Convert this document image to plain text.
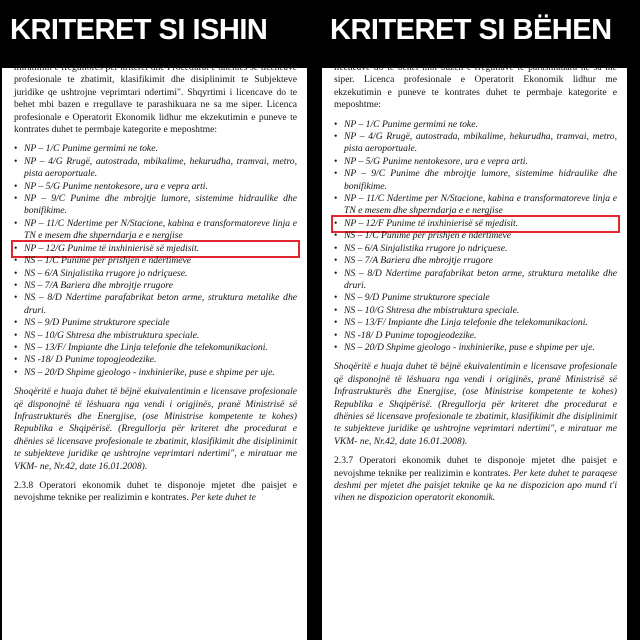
KRITERET SI ISHIN KRITERET SI BËHEN

miratimin e rregullores per kriteret dhe Procedurat e dhenies se licencave profesionale te zbatimit, klasifikimit dhe disiplinimit te Subjekteve juridike qe ushtrojne veprimtari ndertimi". Shqyrtimi i licencave do te behet mbi bazen e rregullave te parashikuara ne sa me siper. Licenca profesionale e Operatorit Ekonomik lidhur me ekzekutimin e puneve te kontrates duhet te permbaje kategorite e meposhtme:

• NP – 1/C Punime germimi ne toke.
• NP – 4/G Rrugë, autostrada, mbikalime, hekurudha, tramvai, metro, pista aeroportuale.
• NP – 5/G Punime nentokesore, ura e vepra arti.
• NP – 9/C Punime dhe mbrojtje lumore, sistemime hidraulike dhe bonifikime.
• NP – 11/C Ndertime per N/Stacione, kabina e transformatoreve linja e TN e mesem dhe shperndarja e e nergjise
• NP – 12/G Punime të inxhinierisë së mjedisit.
• NS – 1/C Punime per prishjen e ndertimeve
• NS – 6/A Sinjalistika rrugore jo ndriçuese.
• NS – 7/A Bariera dhe mbrojtje rrugore
• NS – 8/D Ndertime parafabrikat beton arme, struktura metalike dhe druri.
• NS – 9/D Punime strukturore speciale
• NS – 10/G Shtresa dhe mbistruktura speciale.
• NS – 13/F/ Impiante dhe Linja telefonie dhe telekomunikacioni.
• NS -18/ D Punime topogjeodezike.
• NS – 20/D Shpime gjeologo - inxhinierike, puse e shpime per uje.

Shoqëritë e huaja duhet të bëjnë ekuivalentimin e licensave profesionale që disponojnë të lëshuara nga vendi i origjinës, pranë Ministrisë së Infrastrukturës dhe Energjise, (ose Ministrise kompetente te kohes) Republika e Shqipërisë. (Rregullorja për kriteret dhe procedurat e dhënies së licensave profesionale te zbatimit, klasifikimit dhe disiplinimit te subjekteve juridike qe ushtrojne veprimtari ndertimi", e miratuar me VKM- ne, Nr.42, date 16.01.2008).

2.3.8 Operatori ekonomik duhet te disponoje mjetet dhe paisjet e nevojshme teknike per realizimin e kontrates. Per kete duhet te

licencave do te behet mbi bazen e rregullave te parashikuara ne sa me siper. Licenca profesionale e Operatorit Ekonomik lidhur me ekzekutimin e puneve te kontrates duhet te permbaje kategorite e meposhtme:

• NP – 1/C Punime germimi ne toke.
• NP – 4/G Rrugë, autostrada, mbikalime, hekurudha, tramvai, metro, pista aeroportuale.
• NP – 5/G Punime nentokesore, ura e vepra arti.
• NP – 9/C Punime dhe mbrojtje lumore, sistemime hidraulike dhe bonifikime.
• NP – 11/C Ndertime per N/Stacione, kabina e transformatoreve linja e TN e mesem dhe shperndarja e e nergjise
• NP – 12/F Punime të inxhinierisë së mjedisit.
• NS – 1/C Punime per prishjen e ndertimeve
• NS – 6/A Sinjalistika rrugore jo ndriçuese.
• NS – 7/A Bariera dhe mbrojtje rrugore
• NS – 8/D Ndertime parafabrikat beton arme, struktura metalike dhe druri.
• NS – 9/D Punime strukturore speciale
• NS – 10/G Shtresa dhe mbistruktura speciale.
• NS – 13/F/ Impiante dhe Linja telefonie dhe telekomunikacioni.
• NS -18/ D Punime topogjeodezike.
• NS – 20/D Shpime gjeologo - inxhinierike, puse e shpime per uje.

Shoqëritë e huaja duhet të bëjnë ekuivalentimin e licensave profesionale që disponojnë të lëshuara nga vendi i origjinës, pranë Ministrisë së Infrastrukturës dhe Energjise, (ose Ministrise kompetente te kohes) Republika e Shqipërisë. (Rregullorja për kriteret dhe procedurat e dhënies së licensave profesionale te zbatimit, klasifikimit dhe disiplinimit te subjekteve juridike qe ushtrojne veprimtari ndertimi", e miratuar me VKM- ne, Nr.42, date 16.01.2008).

2.3.7 Operatori ekonomik duhet te disponoje mjetet dhe paisjet e nevojshme teknike per realizimin e kontrates. Per kete duhet te paraqese deshmi per mjetet dhe paisjet teknike qe ka ne dispozicion apo mund t'i vihen ne dispozicion operatorit ekonomik.
